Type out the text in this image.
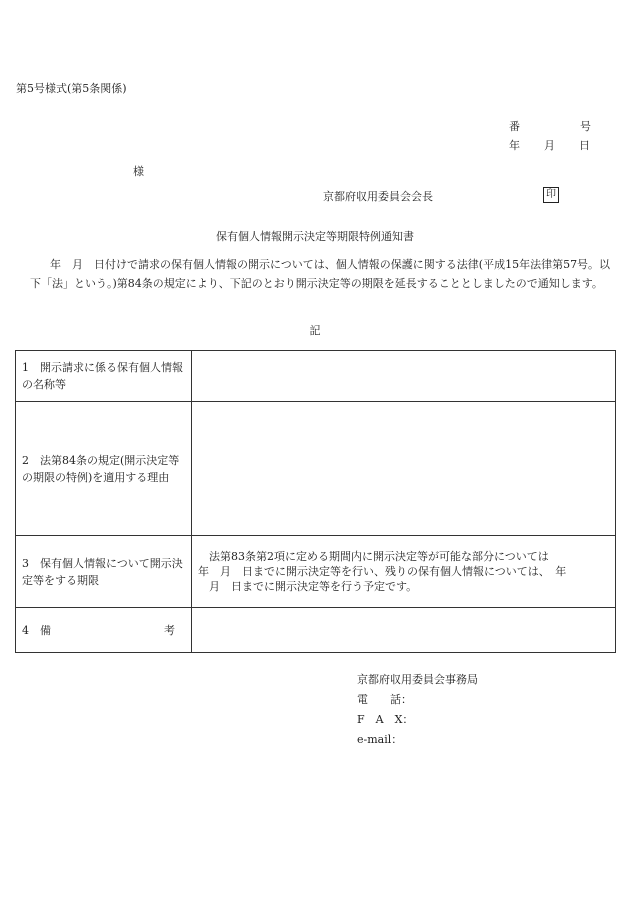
第5号様式(第5条関係)
番	号
年 月 日
様
京都府収用委員会会長	印
保有個人情報開示決定等期限特例通知書
年　月　日付けで請求の保有個人情報の開示については、個人情報の保護に関する法律(平成15年法律第57号。以下「法」という。)第84条の規定により、下記のとおり開示決定等の期限を延長することとしましたので通知します。
記
1　開示請求に係る保有個人情報の名称等	
2　法第84条の規定(開示決定等の期限の特例)を適用する理由	
3　保有個人情報について開示決定等をする期限	　法第83条第2項に定める期間内に開示決定等が可能な部分については
年　月　日までに開示決定等を行い、残りの保有個人情報については、　年
　月　日までに開示決定等を行う予定です。

4　備 考	

京都府収用委員会事務局
電　　話：
F　A　X：
e-mail：
